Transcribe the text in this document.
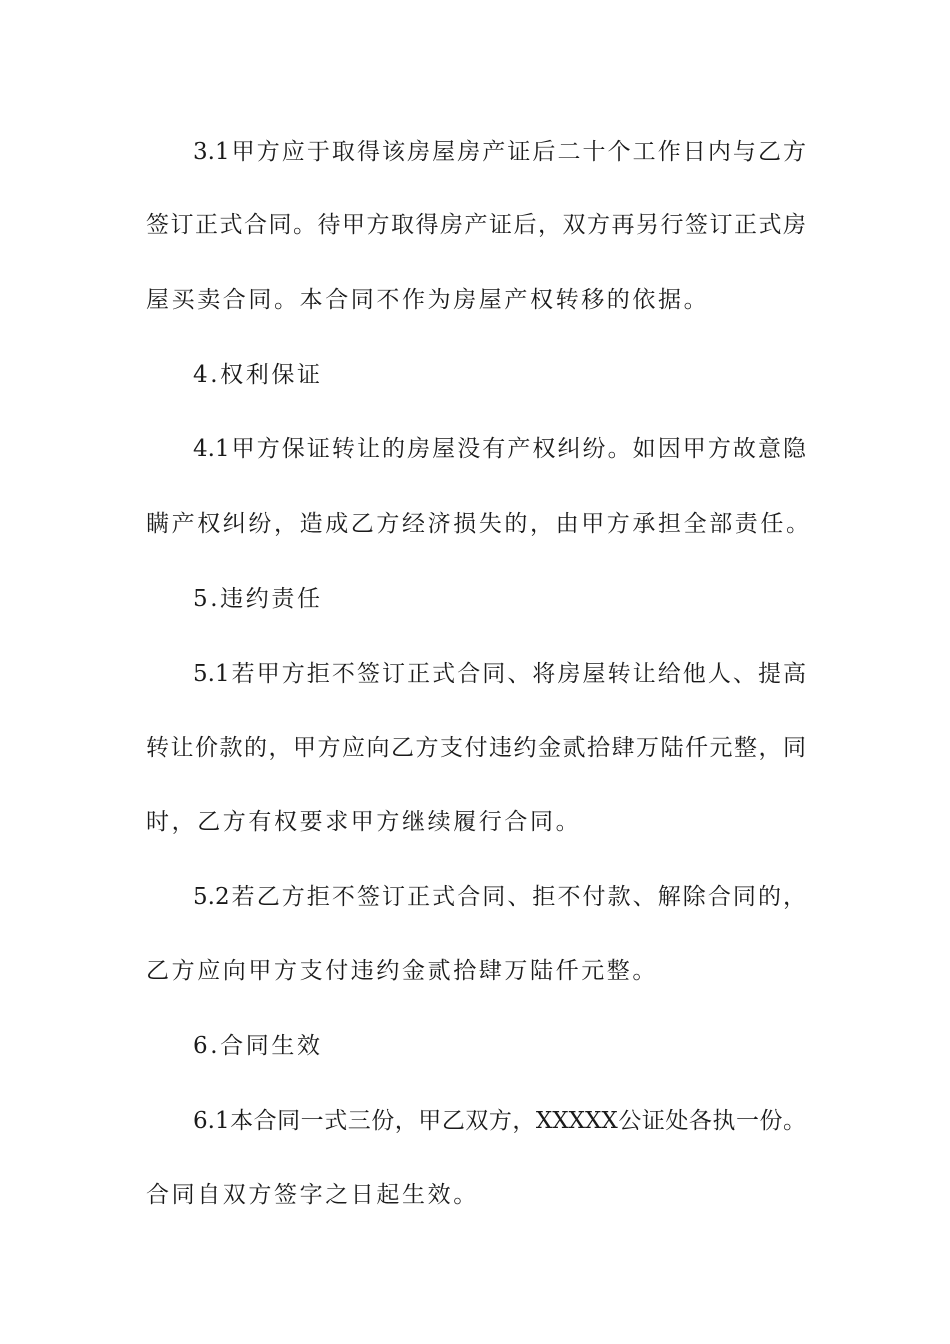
3.1甲方应于取得该房屋房产证后二十个工作日内与乙方
签订正式合同。待甲方取得房产证后，双方再另行签订正式房
屋买卖合同。本合同不作为房屋产权转移的依据。
4.权利保证
4.1甲方保证转让的房屋没有产权纠纷。如因甲方故意隐
瞒产权纠纷，造成乙方经济损失的，由甲方承担全部责任。
5.违约责任
5.1若甲方拒不签订正式合同、将房屋转让给他人、提高
转让价款的，甲方应向乙方支付违约金贰拾肆万陆仟元整，同
时，乙方有权要求甲方继续履行合同。
5.2若乙方拒不签订正式合同、拒不付款、解除合同的，
乙方应向甲方支付违约金贰拾肆万陆仟元整。
6.合同生效
6.1本合同一式三份，甲乙双方，XXXXX公证处各执一份。
合同自双方签字之日起生效。
